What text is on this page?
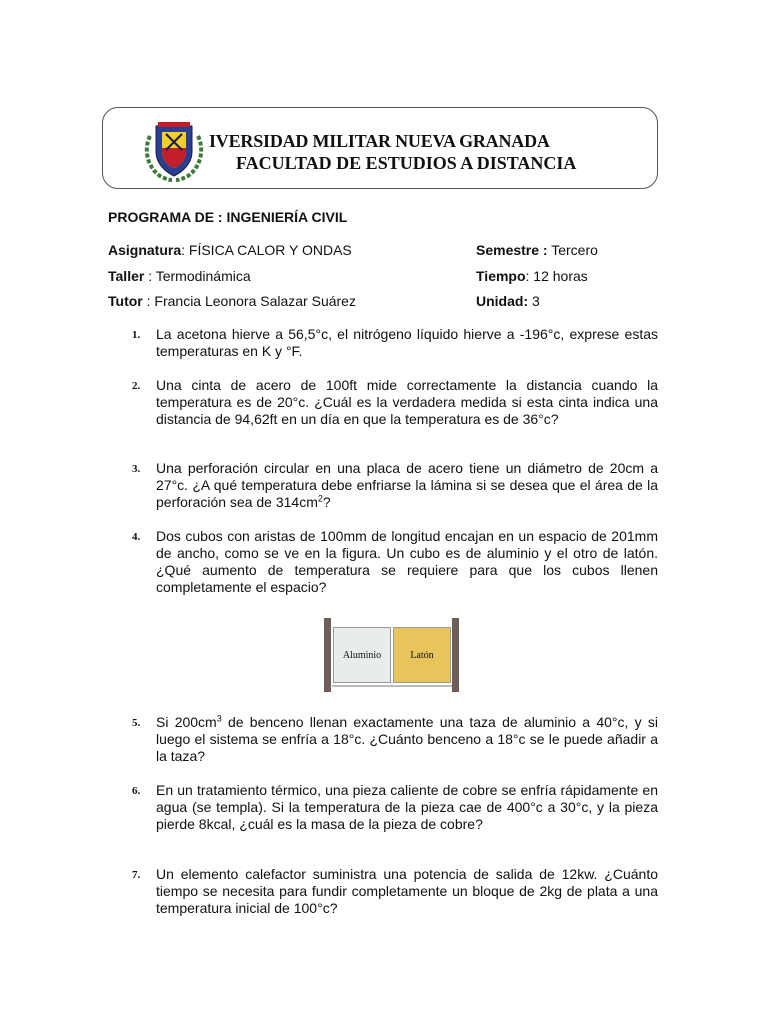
IVERSIDAD MILITAR NUEVA GRANADA
FACULTAD DE ESTUDIOS A DISTANCIA
PROGRAMA DE : INGENIERÍA CIVIL
Asignatura: FÍSICA CALOR Y ONDAS	Semestre : Tercero
Taller : Termodinámica	Tiempo: 12 horas
Tutor : Francia Leonora Salazar Suárez	Unidad: 3
1. La acetona hierve a 56,5°c, el nitrógeno líquido hierve a -196°c, exprese estas temperaturas en K y °F.
2. Una cinta de acero de 100ft mide correctamente la distancia cuando la temperatura es de 20°c. ¿Cuál es la verdadera medida si esta cinta indica una distancia de 94,62ft en un día en que la temperatura es de 36°c?
3. Una perforación circular en una placa de acero tiene un diámetro de 20cm a 27°c. ¿A qué temperatura debe enfriarse la lámina si se desea que el área de la perforación sea de $314cm^2$?
4. Dos cubos con aristas de 100mm de longitud encajan en un espacio de 201mm de ancho, como se ve en la figura. Un cubo es de aluminio y el otro de latón. ¿Qué aumento de temperatura se requiere para que los cubos llenen completamente el espacio?
Aluminio	Latón
5. Si $200cm^3$ de benceno llenan exactamente una taza de aluminio a 40°c, y si luego el sistema se enfría a 18°c. ¿Cuánto benceno a 18°c se le puede añadir a la taza?
6. En un tratamiento térmico, una pieza caliente de cobre se enfría rápidamente en agua (se templa). Si la temperatura de la pieza cae de 400°c a 30°c, y la pieza pierde 8kcal, ¿cuál es la masa de la pieza de cobre?
7. Un elemento calefactor suministra una potencia de salida de 12kw. ¿Cuánto tiempo se necesita para fundir completamente un bloque de 2kg de plata a una temperatura inicial de 100°c?
